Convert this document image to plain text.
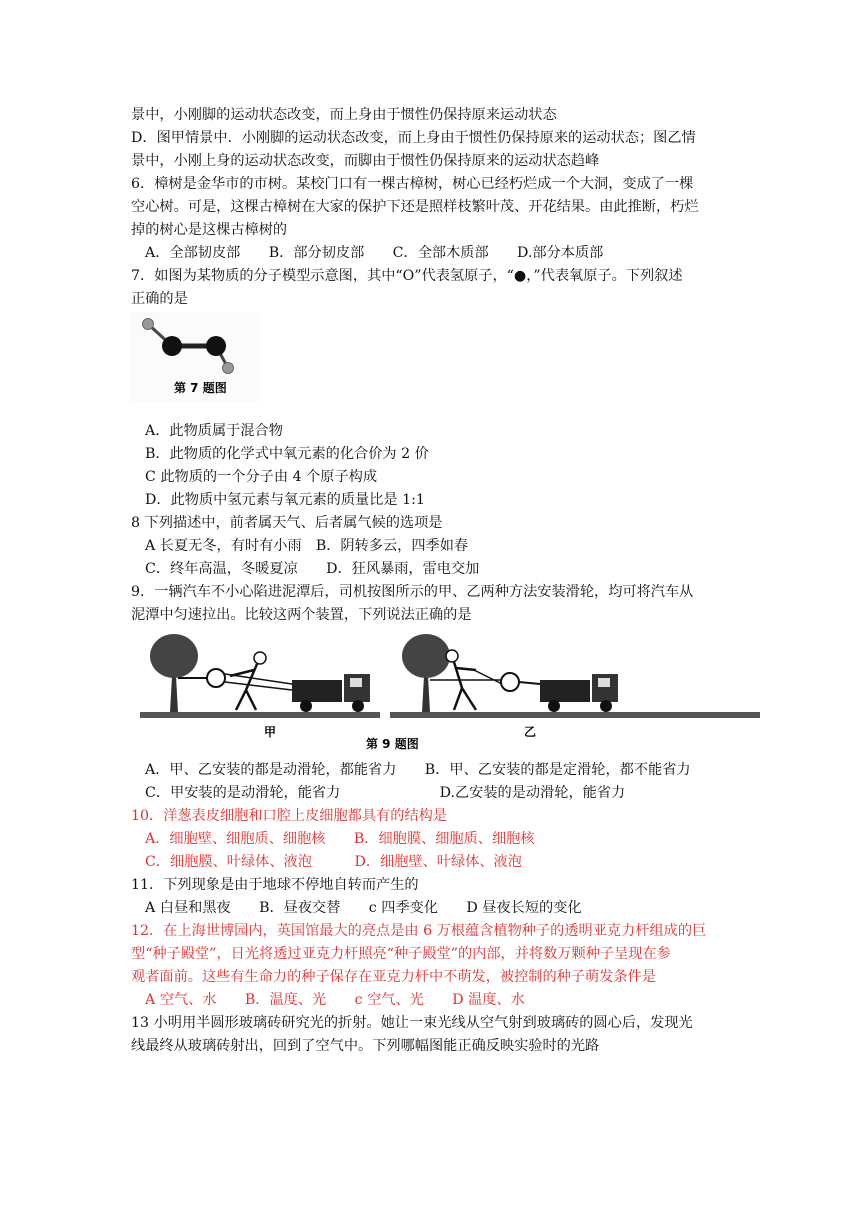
景中，小刚脚的运动状态改变，而上身由于惯性仍保持原来运动状态
D．图甲情景中．小刚脚的运动状态改变，而上身由于惯性仍保持原来的运动状态；图乙情
景中，小刚上身的运动状态改变，而脚由于惯性仍保持原来的运动状态趋峰
6．樟树是金华市的市树。某校门口有一棵古樟树，树心已经朽烂成一个大洞，变成了一棵
空心树。可是，这棵古樟树在大家的保护下还是照样枝繁叶茂、开花结果。由此推断，朽烂
掉的树心是这棵古樟树的
A．全部韧皮部　　B．部分韧皮部　　C．全部木质部　　D.部分本质部
7．如图为某物质的分子模型示意图，其中“O”代表氢原子，“●，”代表氧原子。下列叙述
正确的是
第 7 题图
A．此物质属于混合物
B．此物质的化学式中氧元素的化合价为 2 价
C 此物质的一个分子由 4 个原子构成
D．此物质中氢元素与氧元素的质量比是 1:1
8 下列描述中，前者属天气、后者属气候的选项是
A 长夏无冬，有时有小雨　B．阴转多云，四季如春
C．终年高温，冬暖夏凉　　D．狂风暴雨，雷电交加
9．一辆汽车不小心陷进泥潭后，司机按图所示的甲、乙两种方法安装滑轮，均可将汽车从
泥潭中匀速拉出。比较这两个装置，下列说法正确的是
甲	乙
第 9 题图
A．甲、乙安装的都是动滑轮，都能省力　　B．甲、乙安装的都是定滑轮，都不能省力
C．甲安装的是动滑轮，能省力　　　　　　　D.乙安装的是动滑轮，能省力
10．洋葱表皮细胞和口腔上皮细胞都具有的结构是
A．细胞壁、细胞质、细胞核　　B．细胞膜、细胞质、细胞核
C．细胞膜、叶绿体、液泡　　　D．细胞壁、叶绿体、液泡
11．下列现象是由于地球不停地自转而产生的
A 白昼和黑夜　　B．昼夜交替　　c 四季变化　　D 昼夜长短的变化
12．在上海世博园内，英国馆最大的亮点是由 6 万根蕴含植物种子的透明亚克力杆组成的巨
型“种子殿堂”，日光将透过亚克力杆照亮“种子殿堂”的内部，并将数万颗种子呈现在参
观者面前。这些有生命力的种子保存在亚克力杆中不萌发，被控制的种子萌发条件是
A 空气、水　　B．温度、光　　c 空气、光　　D 温度、水
13 小明用半圆形玻璃砖研究光的折射。她让一束光线从空气射到玻璃砖的圆心后，发现光
线最终从玻璃砖射出，回到了空气中。下列哪幅图能正确反映实验时的光路
